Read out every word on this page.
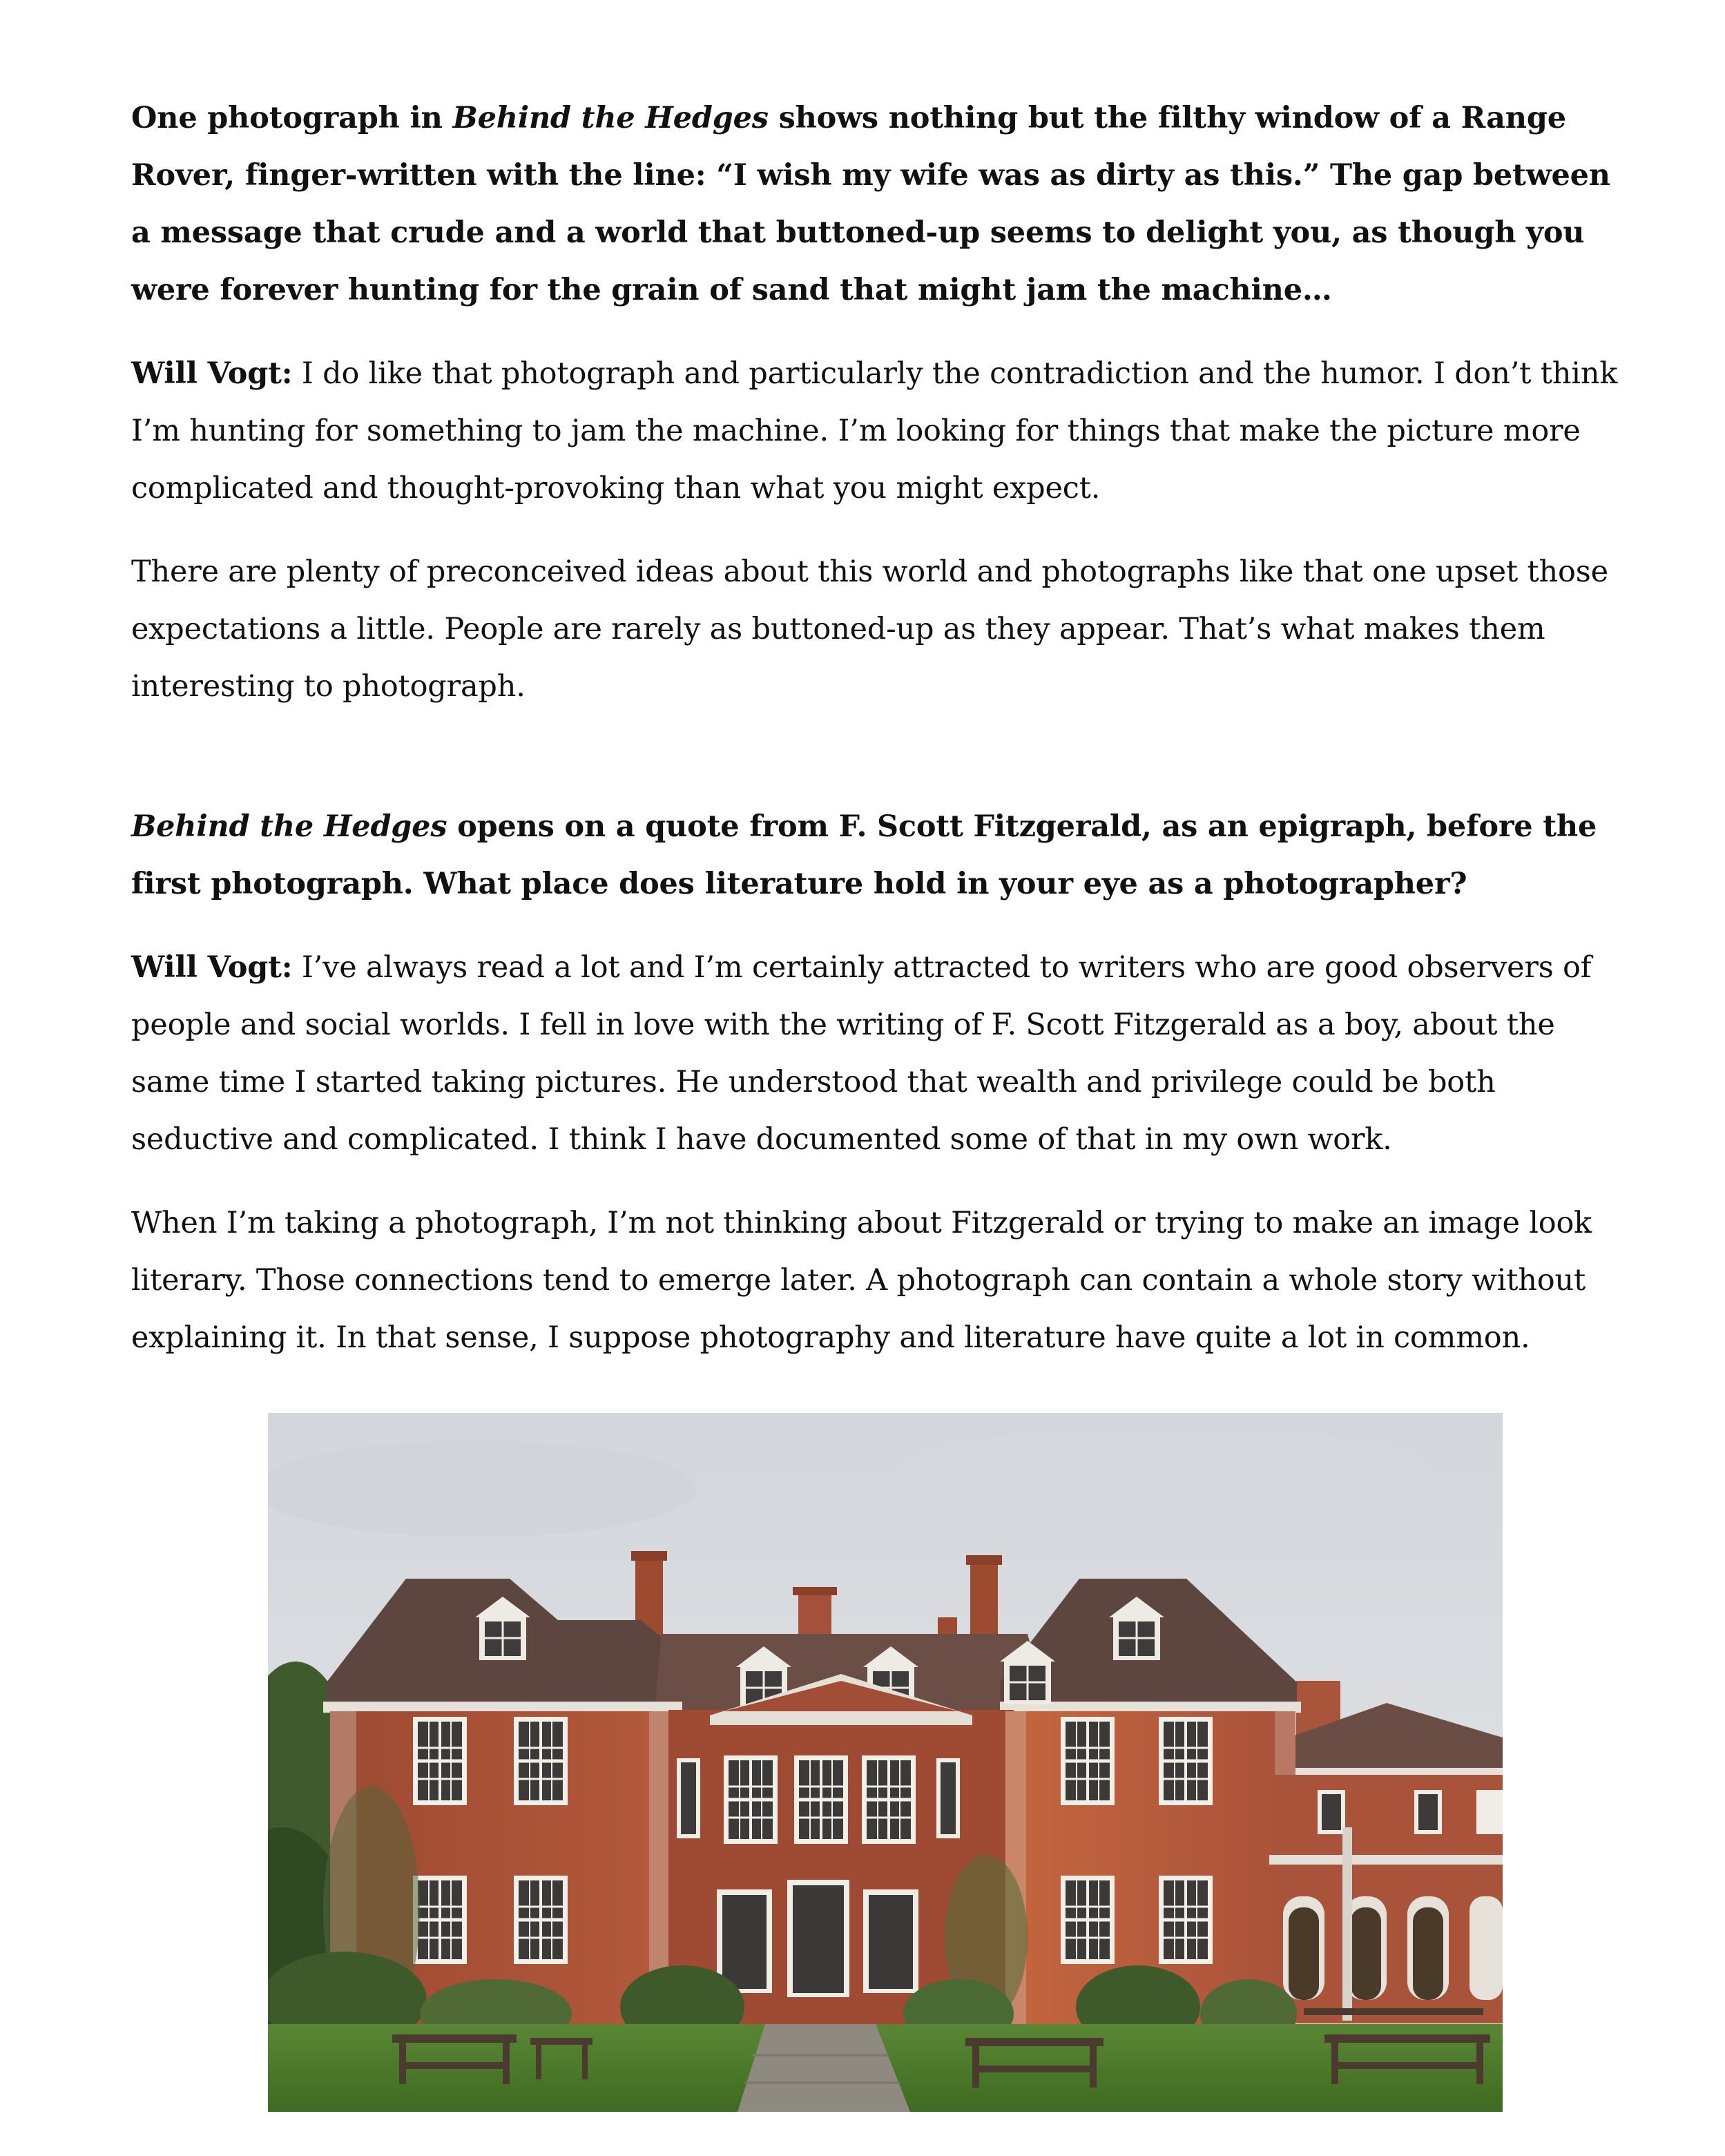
One photograph in Behind the Hedges shows nothing but the filthy window of a Range Rover, finger-written with the line: “I wish my wife was as dirty as this.” The gap between a message that crude and a world that buttoned-up seems to delight you, as though you were forever hunting for the grain of sand that might jam the machine…

Will Vogt: I do like that photograph and particularly the contradiction and the humor. I don’t think I’m hunting for something to jam the machine. I’m looking for things that make the picture more complicated and thought-provoking than what you might expect.

There are plenty of preconceived ideas about this world and photographs like that one upset those expectations a little. People are rarely as buttoned-up as they appear. That’s what makes them interesting to photograph.

Behind the Hedges opens on a quote from F. Scott Fitzgerald, as an epigraph, before the first photograph. What place does literature hold in your eye as a photographer?

Will Vogt: I’ve always read a lot and I’m certainly attracted to writers who are good observers of people and social worlds. I fell in love with the writing of F. Scott Fitzgerald as a boy, about the same time I started taking pictures. He understood that wealth and privilege could be both seductive and complicated. I think I have documented some of that in my own work.

When I’m taking a photograph, I’m not thinking about Fitzgerald or trying to make an image look literary. Those connections tend to emerge later. A photograph can contain a whole story without explaining it. In that sense, I suppose photography and literature have quite a lot in common.
